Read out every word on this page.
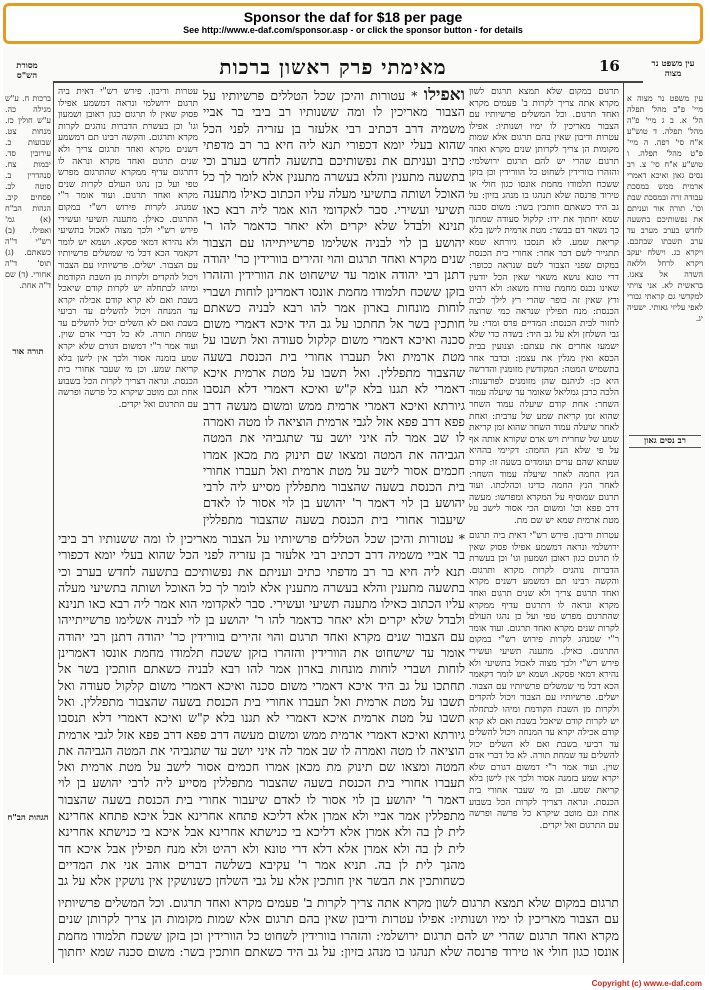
Sponsor the daf for $18 per page
See http://www.e-daf.com/sponsor.asp - or click the sponsor button - for details
מסורת הש"ס	מאימתי פרק ראשון ברכות	16	עין משפט נר מצוה
ברכות ח. ע"ש מגילה כה. ע"ש חולין כז. מנחות צט. שבועות כ. עירובין סד. יבמות צח. סנהדרין ב. סוטה לב. פסחים קיב. הגהות הב"ח (א) גמ' ואפילו. (ב) רש"י ד"ה כשאתם. (ג) תוס' ד"ה אחורי. (ד) שם ד"ה אחת.
הגהות הב"ח
עטרות ודיבון. פירש רש"י דאית ביה תרגום ירושלמי ונראה דמשמע אפילו פסוק שאין לו תרגום כגון ראובן ושמעון וגו' וכן בעשרת הדברות נוהגים לקרות מקרא ותרגום. והקשה רבינו תם דמשמע דשנים מקרא ואחד תרגום צריך ולא שנים תרגום ואחד מקרא ונראה לו דתרגום עדיף ממקרא שהתרגום מפרש טפי ועל כן נהגו העולם לקרות שנים מקרא ואחד תרגום. ועוד אומר ר"י שמנהג לקרות פירוש רש"י במקום התרגום. כאילן. מתענה תשיעי ועשירי פירש רש"י ולכך מצוה לאכול בתשיעי ולא נהירא דמאי פסקא. ושמא יש לומר דקאמר הכא דכל מי שמשלים פרשיותיו עם הצבור. ישלים. פרשיותיו עם הצבור ויכול להקדים ולקרות מן השבת הקודמת ומיהו לכתחלה יש לקרות קודם שיאכל בשבת ואם לא קרא קודם אכילה יקרא עד המנחה ויכול להשלים עד רביעי בשבת ואם לא השלים יכול להשלים עד שמחת תורה. לא כל דברי אדם שוין. ועוד אמר ר"י דמשום דגורם שלא יקרא שמע בזמנה אסור ולכך אין לישן בלא קריאת שמע. וכן מי שעבר אחורי בית הכנסת. ונראה דצריך לקרות הכל בשבוע אחת וגם מוטב שיקרא כל פרשה ופרשה עם התרגום ואל יקדים.
ואפילו * עטורות והיכן שכל הטללים פרשיותיו על הצבור מאריכין לו ומה ששנותיו רב ביבי בר אביי משמיה דרב דכתיב רבי אלעזר בן עזריה לפני הכל שהוא בעלי יומא דכפורי תנא ליה חיא בר רב מדפתי כתיב ועניתם את נפשותיכם בתשעה לחדש בערב וכי בתשעה מתענין והלא בעשרה מתענין אלא לומר לך כל האוכל ושותה בתשיעי מעלה עליו הכתוב כאילו מתענה תשיעי ועשירי. סבר לאקדומי הוא אמר ליה רבא כאו תנינא ולבדל שלא יקרים ולא יאחר כדאמר להו ר' יהושע בן לוי לבניה אשלימו פרשייתייהו עם הצבור שנים מקרא ואחד תרגום והוי זהירים בוורידין כר' יהודה דתנן רבי יהודה אומר עד שישחוט את הוורידין והזהרו בזקן ששכח תלמודו מחמת אונסו דאמרינן לוחות ושברי לוחות מונחות בארון אמר להו רבא לבניה כשאתם חותכין בשר אל תחתכו על גב היד איכא דאמרי משום סכנה ואיכא דאמרי משום קלקול סעודה ואל תשבו על מטת ארמית ואל תעברו אחורי בית הכנסת בשעה שהצבור מתפללין. ואל תשבו על מטת ארמית איכא דאמרי לא תגנו בלא ק"ש ואיכא דאמרי דלא תנסבו גיורתא ואיכא דאמרי ארמית ממש ומשום מעשה דרב פפא דרב פפא אזל לגבי ארמית הוציאה לו מטה ואמרה לו שב אמר לה איני יושב עד שתגביהי את המטה הגביהה את המטה ומצאו שם תינוק מת מכאן אמרו חכמים אסור לישב על מטת ארמית ואל תעברו אחורי בית הכנסת בשעה שהצבור מתפללין מסייע ליה לרבי יהושע בן לוי דאמר ר' יהושע בן לוי אסור לו לאדם שיעבור אחורי בית הכנסת בשעה שהצבור מתפללין
תרגום במקום שלא תמצא תרגום לשון מקרא אתה צריך לקרות ב' פעמים מקרא ואחד תרגום. וכל המשלים פרשיותיו עם הצבור מאריכין לו ימיו ושנותיו: אפילו עטרות ודיבון שאין בהם תרגום אלא שמות מקומות הן צריך לקרותן שנים מקרא ואחד תרגום שהרי יש להם תרגום ירושלמי: והזהרו בוורידין לשחוט כל הוורידין וכן בזקן ששכח תלמודו מחמת אונסו כגון חולי או טירוד פרנסה שלא תנהגו בו מנהג בזיון: על גב היד כשאתם חותכין בשר: משום סכנה שמא יחתוך את ידו: קלקול סעודה שמתוך כך נשאר דם בבשר: מטת ארמית לישן בלא קריאת שמע. לא תנסבו גיורתא שמא תתגייר לשם דבר אחר: אחורי בית הכנסת במקום שפני הצבור לשם שנראה ככופר: דרי טונא נושא משאוי שאין הכל יודעין שאינו נכנס מחמת טורח משאו: ולא רהיט ורץ שאין זה כופר שהרי רץ לילך לבית הכנסת: מנח תפילין שנראה כמי שרוצה לחזור לבית הכנסת: המדיים פרס ומדי: על גבי השלחן ולא על גב היד: בשדה כדי שלא ישמעו אחרים את עצתם: וצנועין בבית הכסא ואין מגלין את עצמן: ובדבר אחר בתשמיש המטה: המקודשין מזומנין והדרשה היא כן: לגיהנם שהן מזומנים לפורענות: הלכה כרבן גמליאל שאומר עד שיעלה עמוד השחר: אחת קודם שיעלה עמוד השחר שהוא זמן קריאת שמע של ערבית: ואחת לאחר שיעלה עמוד השחר שהוא זמן קריאת שמע של שחרית ויש אדם שקורא אותה אף על פי שלא הנץ החמה: דקיימי בההיא שעתא שהם ערים ועומדים בשעה זו: קודם הנץ החמה לאחר שיעלה עמוד השחר: לאחר הנץ החמה כדינו וכהלכתו. ועוד תרגום שמוסיף על המקרא ומפרשו: מעשה דרב פפא וכו' ומשום הכי אסור לישב על מטת ארמית שמא יש שם מת.
* עטורות והיכן שכל הטללים פרשיותיו על הצבור מאריכין לו ומה ששנותיו רב ביבי בר אביי משמיה דרב דכתיב רבי אלעזר בן עזריה לפני הכל שהוא בעלי יומא דכפורי תנא ליה חיא בר רב מדפתי כתיב ועניתם את נפשותיכם בתשעה לחדש בערב וכי בתשעה מתענין והלא בעשרה מתענין אלא לומר לך כל האוכל ושותה בתשיעי מעלה עליו הכתוב כאילו מתענה תשיעי ועשירי. סבר לאקדומי הוא אמר ליה רבא כאו תנינא ולבדל שלא יקרים ולא יאחר כדאמר להו ר' יהושע בן לוי לבניה אשלימו פרשייתייהו עם הצבור שנים מקרא ואחד תרגום והוי זהירים בוורידין כר' יהודה דתנן רבי יהודה אומר עד שישחוט את הוורידין והזהרו בזקן ששכח תלמודו מחמת אונסו דאמרינן לוחות ושברי לוחות מונחות בארון אמר להו רבא לבניה כשאתם חותכין בשר אל תחתכו על גב היד איכא דאמרי משום סכנה ואיכא דאמרי משום קלקול סעודה ואל תשבו על מטת ארמית ואל תעברו אחורי בית הכנסת בשעה שהצבור מתפללין. ואל תשבו על מטת ארמית איכא דאמרי לא תגנו בלא ק"ש ואיכא דאמרי דלא תנסבו גיורתא ואיכא דאמרי ארמית ממש ומשום מעשה דרב פפא דרב פפא אזל לגבי ארמית הוציאה לו מטה ואמרה לו שב אמר לה איני יושב עד שתגביהי את המטה הגביהה את המטה ומצאו שם תינוק מת מכאן אמרו חכמים אסור לישב על מטת ארמית ואל תעברו אחורי בית הכנסת בשעה שהצבור מתפללין מסייע ליה לרבי יהושע בן לוי דאמר ר' יהושע בן לוי אסור לו לאדם שיעבור אחורי בית הכנסת בשעה שהצבור מתפללין אמר אביי ולא אמרן אלא דליכא פתחא אחרינא אבל איכא פתחא אחרינא לית לן בה ולא אמרן אלא דליכא בי כנישתא אחרינא אבל איכא בי כנישתא אחרינא לית לן בה ולא אמרן אלא דלא דרי טונא ולא רהיט ולא מנח תפילין אבל איכא חד מהנך לית לן בה. תניא אמר ר' עקיבא בשלשה דברים אוהב אני את המדיים כשחותכין את הבשר אין חותכין אלא על גבי השלחן כשנושקין אין נושקין אלא על גב
עטרות ודיבון. פירש רש"י דאית ביה תרגום ירושלמי ונראה דמשמע אפילו פסוק שאין לו תרגום כגון ראובן ושמעון וגו' וכן בעשרת הדברות נוהגים לקרות מקרא ותרגום. והקשה רבינו תם דמשמע דשנים מקרא ואחד תרגום צריך ולא שנים תרגום ואחד מקרא ונראה לו דתרגום עדיף ממקרא שהתרגום מפרש טפי ועל כן נהגו העולם לקרות שנים מקרא ואחד תרגום. ועוד אומר ר"י שמנהג לקרות פירוש רש"י במקום התרגום. כאילן. מתענה תשיעי ועשירי פירש רש"י ולכך מצוה לאכול בתשיעי ולא נהירא דמאי פסקא. ושמא יש לומר דקאמר הכא דכל מי שמשלים פרשיותיו עם הצבור. ישלים. פרשיותיו עם הצבור ויכול להקדים ולקרות מן השבת הקודמת ומיהו לכתחלה יש לקרות קודם שיאכל בשבת ואם לא קרא קודם אכילה יקרא עד המנחה ויכול להשלים עד רביעי בשבת ואם לא השלים יכול להשלים עד שמחת תורה. לא כל דברי אדם שוין. ועוד אמר ר"י דמשום דגורם שלא יקרא שמע בזמנה אסור ולכך אין לישן בלא קריאת שמע. וכן מי שעבר אחורי בית הכנסת. ונראה דצריך לקרות הכל בשבוע אחת וגם מוטב שיקרא כל פרשה ופרשה עם התרגום ואל יקדים.
תרגום במקום שלא תמצא תרגום לשון מקרא אתה צריך לקרות ב' פעמים מקרא ואחד תרגום. וכל המשלים פרשיותיו עם הצבור מאריכין לו ימיו ושנותיו: אפילו עטרות ודיבון שאין בהם תרגום אלא שמות מקומות הן צריך לקרותן שנים מקרא ואחד תרגום שהרי יש להם תרגום ירושלמי: והזהרו בוורידין לשחוט כל הוורידין וכן בזקן ששכח תלמודו מחמת אונסו כגון חולי או טירוד פרנסה שלא תנהגו בו מנהג בזיון: על גב היד כשאתם חותכין בשר: משום סכנה שמא יחתוך
עין משפט נר מצוה א מיי' פ"ב מהל' תפלה הל' א. ב ג מיי' פ"ה מהל' תפלה. ד טוש"ע א"ח סי' רפה. ה מיי' פ"ט מהל' תפלה. ו טוש"ע א"ח סי' צ. רב נסים גאון ואיכא דאמרי ארמית ממש במסכת עבודה זרה ובמסכת שבת וכו'. תורה אור ועניתם את נפשותיכם בתשעה לחדש בערב מערב עד ערב תשבתו שבתכם. ויקרא כג. וישלח יעקב ויקרא לרחל וללאה השדה אל צאנו. בראשית לא. אני צויתי למקדשי גם קראתי גבורי לאפי עליזי גאותי. ישעיה יג.
רב נסים גאון
תורה אור
Copyright (c) www.e-daf.com
